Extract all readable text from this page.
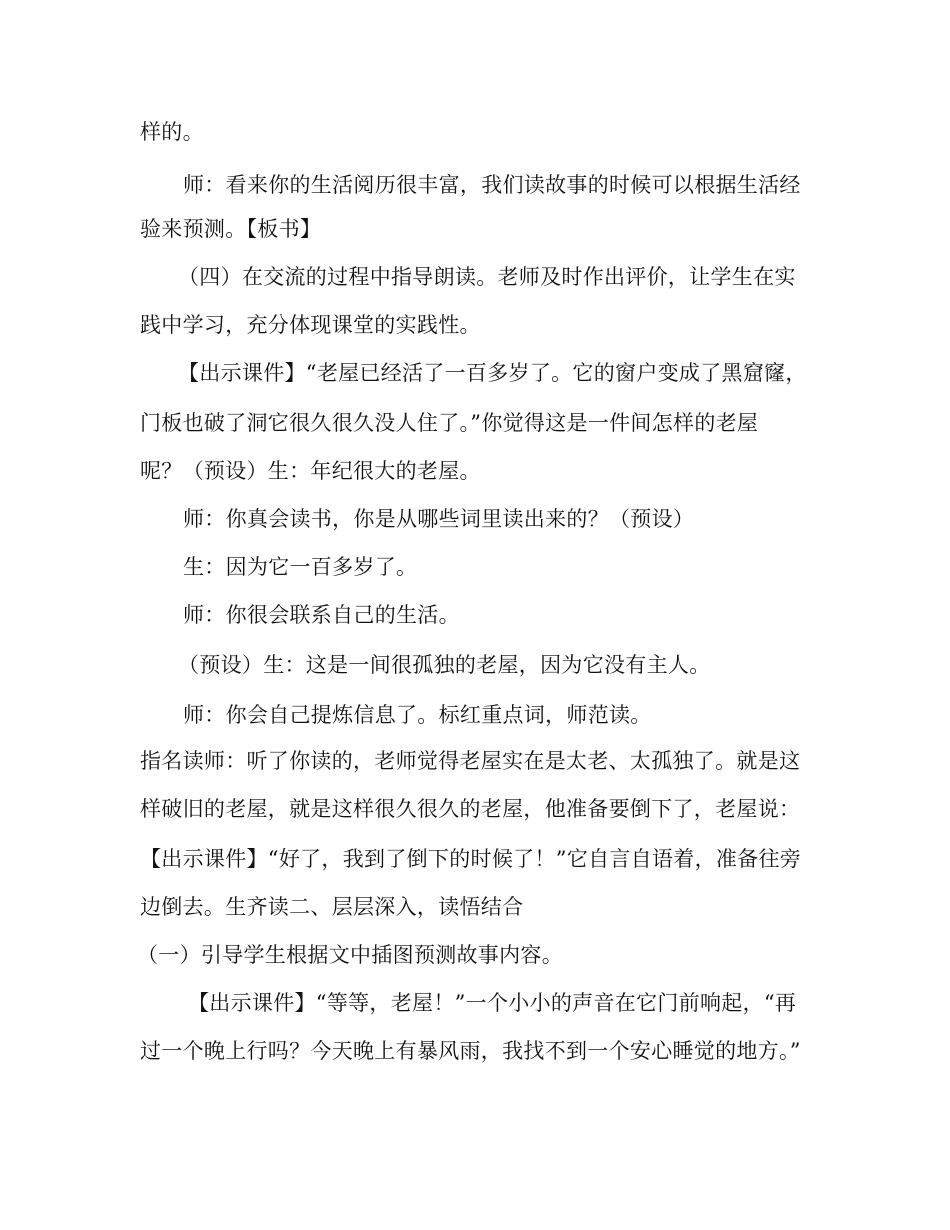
样的。
师：看来你的生活阅历很丰富，我们读故事的时候可以根据生活经
验来预测。【板书】
（四）在交流的过程中指导朗读。老师及时作出评价，让学生在实
践中学习，充分体现课堂的实践性。
【出示课件】“老屋已经活了一百多岁了。它的窗户变成了黑窟窿，
门板也破了洞它很久很久没人住了。”你觉得这是一件间怎样的老屋
呢？（预设）生：年纪很大的老屋。
师：你真会读书，你是从哪些词里读出来的？（预设）
生：因为它一百多岁了。
师：你很会联系自己的生活。
（预设）生：这是一间很孤独的老屋，因为它没有主人。
师：你会自己提炼信息了。标红重点词，师范读。
指名读师：听了你读的，老师觉得老屋实在是太老、太孤独了。就是这
样破旧的老屋，就是这样很久很久的老屋，他准备要倒下了，老屋说：
【出示课件】“好了，我到了倒下的时候了！”它自言自语着，准备往旁
边倒去。生齐读二、层层深入，读悟结合
（一）引导学生根据文中插图预测故事内容。
【出示课件】“等等，老屋！”一个小小的声音在它门前响起，“再
过一个晚上行吗？今天晚上有暴风雨，我找不到一个安心睡觉的地方。”
